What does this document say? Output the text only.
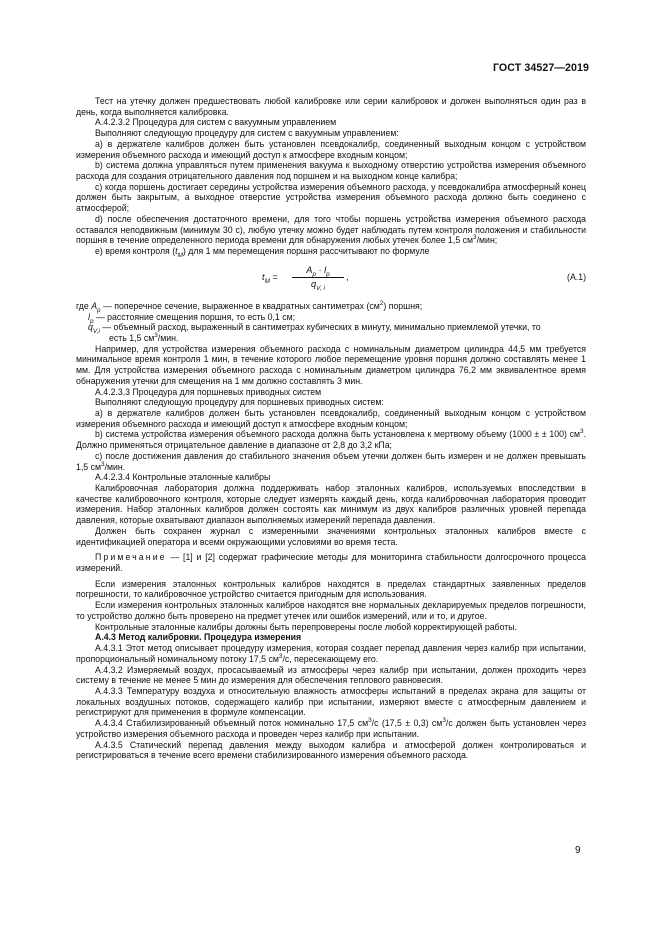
ГОСТ 34527—2019

Тест на утечку должен предшествовать любой калибровке или серии калибровок и должен выполняться один раз в день, когда выполняется калибровка.

А.4.2.3.2 Процедура для систем с вакуумным управлением

Выполняют следующую процедуру для систем с вакуумным управлением:

а) в держателе калибров должен быть установлен псевдокалибр, соединенный выходным концом с устройством измерения объемного расхода и имеющий доступ к атмосфере входным концом;

b) система должна управляться путем применения вакуума к выходному отверстию устройства измерения объемного расхода для создания отрицательного давления под поршнем и на выходном конце калибра;

c) когда поршень достигает середины устройства измерения объемного расхода, у псевдокалибра атмосферный конец должен быть закрытым, а выходное отверстие устройства измерения объемного расхода должно быть соединено с атмосферой;

d) после обеспечения достаточного времени, для того чтобы поршень устройства измерения объемного расхода оставался неподвижным (минимум 30 с), любую утечку можно будет наблюдать путем контроля положения и стабильности поршня в течение определенного периода времени для обнаружения любых утечек более 1,5 $см^3$/мин;

е) время контроля $(t_M)$ для 1 мм перемещения поршня рассчитывают по формуле

$t_M = \frac{A_p \cdot l_p}{q_{V, i}}$ ,	(А.1)

где $A_p$ — поперечное сечение, выраженное в квадратных сантиметрах $(см^2)$ поршня;

$l_p$ — расстояние смещения поршня, то есть 0,1 см;

$q_{V,i}$ — объемный расход, выраженный в сантиметрах кубических в минуту, минимально приемлемой утечки, то

есть 1,5 $см^3$/мин.

Например, для устройства измерения объемного расхода с номинальным диаметром цилиндра 44,5 мм требуется минимальное время контроля 1 мин, в течение которого любое перемещение уровня поршня должно составлять менее 1 мм. Для устройства измерения объемного расхода с номинальным диаметром цилиндра 76,2 мм эквивалентное время обнаружения утечки для смещения на 1 мм должно составлять 3 мин.

А.4.2.3.3 Процедура для поршневых приводных систем

Выполняют следующую процедуру для поршневых приводных систем:

а) в держателе калибров должен быть установлен псевдокалибр, соединенный выходным концом с устройством измерения объемного расхода и имеющий доступ к атмосфере входным концом;

b) система устройства измерения объемного расхода должна быть установлена к мертвому объему (1000 ± ± 100) $см^3$. Должно применяться отрицательное давление в диапазоне от 2,8 до 3,2 кПа;

c) после достижения давления до стабильного значения объем утечки должен быть измерен и не должен превышать 1,5 $см^3$/мин.

А.4.2.3.4 Контрольные эталонные калибры

Калибровочная лаборатория должна поддерживать набор эталонных калибров, используемых впоследствии в качестве калибровочного контроля, которые следует измерять каждый день, когда калибровочная лаборатория проводит измерения. Набор эталонных калибров должен состоять как минимум из двух калибров различных уровней перепада давления, которые охватывают диапазон выполняемых измерений перепада давления.

Должен быть сохранен журнал с измеренными значениями контрольных эталонных калибров вместе с идентификацией оператора и всеми окружающими условиями во время теста.

Примечание — [1] и [2] содержат графические методы для мониторинга стабильности долгосрочного процесса измерений.

Если измерения эталонных контрольных калибров находятся в пределах стандартных заявленных пределов погрешности, то калибровочное устройство считается пригодным для использования.

Если измерения контрольных эталонных калибров находятся вне нормальных декларируемых пределов погрешности, то устройство должно быть проверено на предмет утечек или ошибок измерений, или и то, и другое.

Контрольные эталонные калибры должны быть перепроверены после любой корректирующей работы.

А.4.3 Метод калибровки. Процедура измерения

А.4.3.1 Этот метод описывает процедуру измерения, которая создает перепад давления через калибр при испытании, пропорциональный номинальному потоку 17,5 $см^3/с$, пересекающему его.

А.4.3.2 Измеряемый воздух, просасываемый из атмосферы через калибр при испытании, должен проходить через систему в течение не менее 5 мин до измерения для обеспечения теплового равновесия.

А.4.3.3 Температуру воздуха и относительную влажность атмосферы испытаний в пределах экрана для защиты от локальных воздушных потоков, содержащего калибр при испытании, измеряют вместе с атмосферным давлением и регистрируют для применения в формуле компенсации.

А.4.3.4 Стабилизированный объемный поток номинально 17,5 $см^3/с$ (17,5 ± 0,3) $см^3/с$ должен быть установлен через устройство измерения объемного расхода и проведен через калибр при испытании.

А.4.3.5 Статический перепад давления между выходом калибра и атмосферой должен контролироваться и регистрироваться в течение всего времени стабилизированного измерения объемного расхода.

9
